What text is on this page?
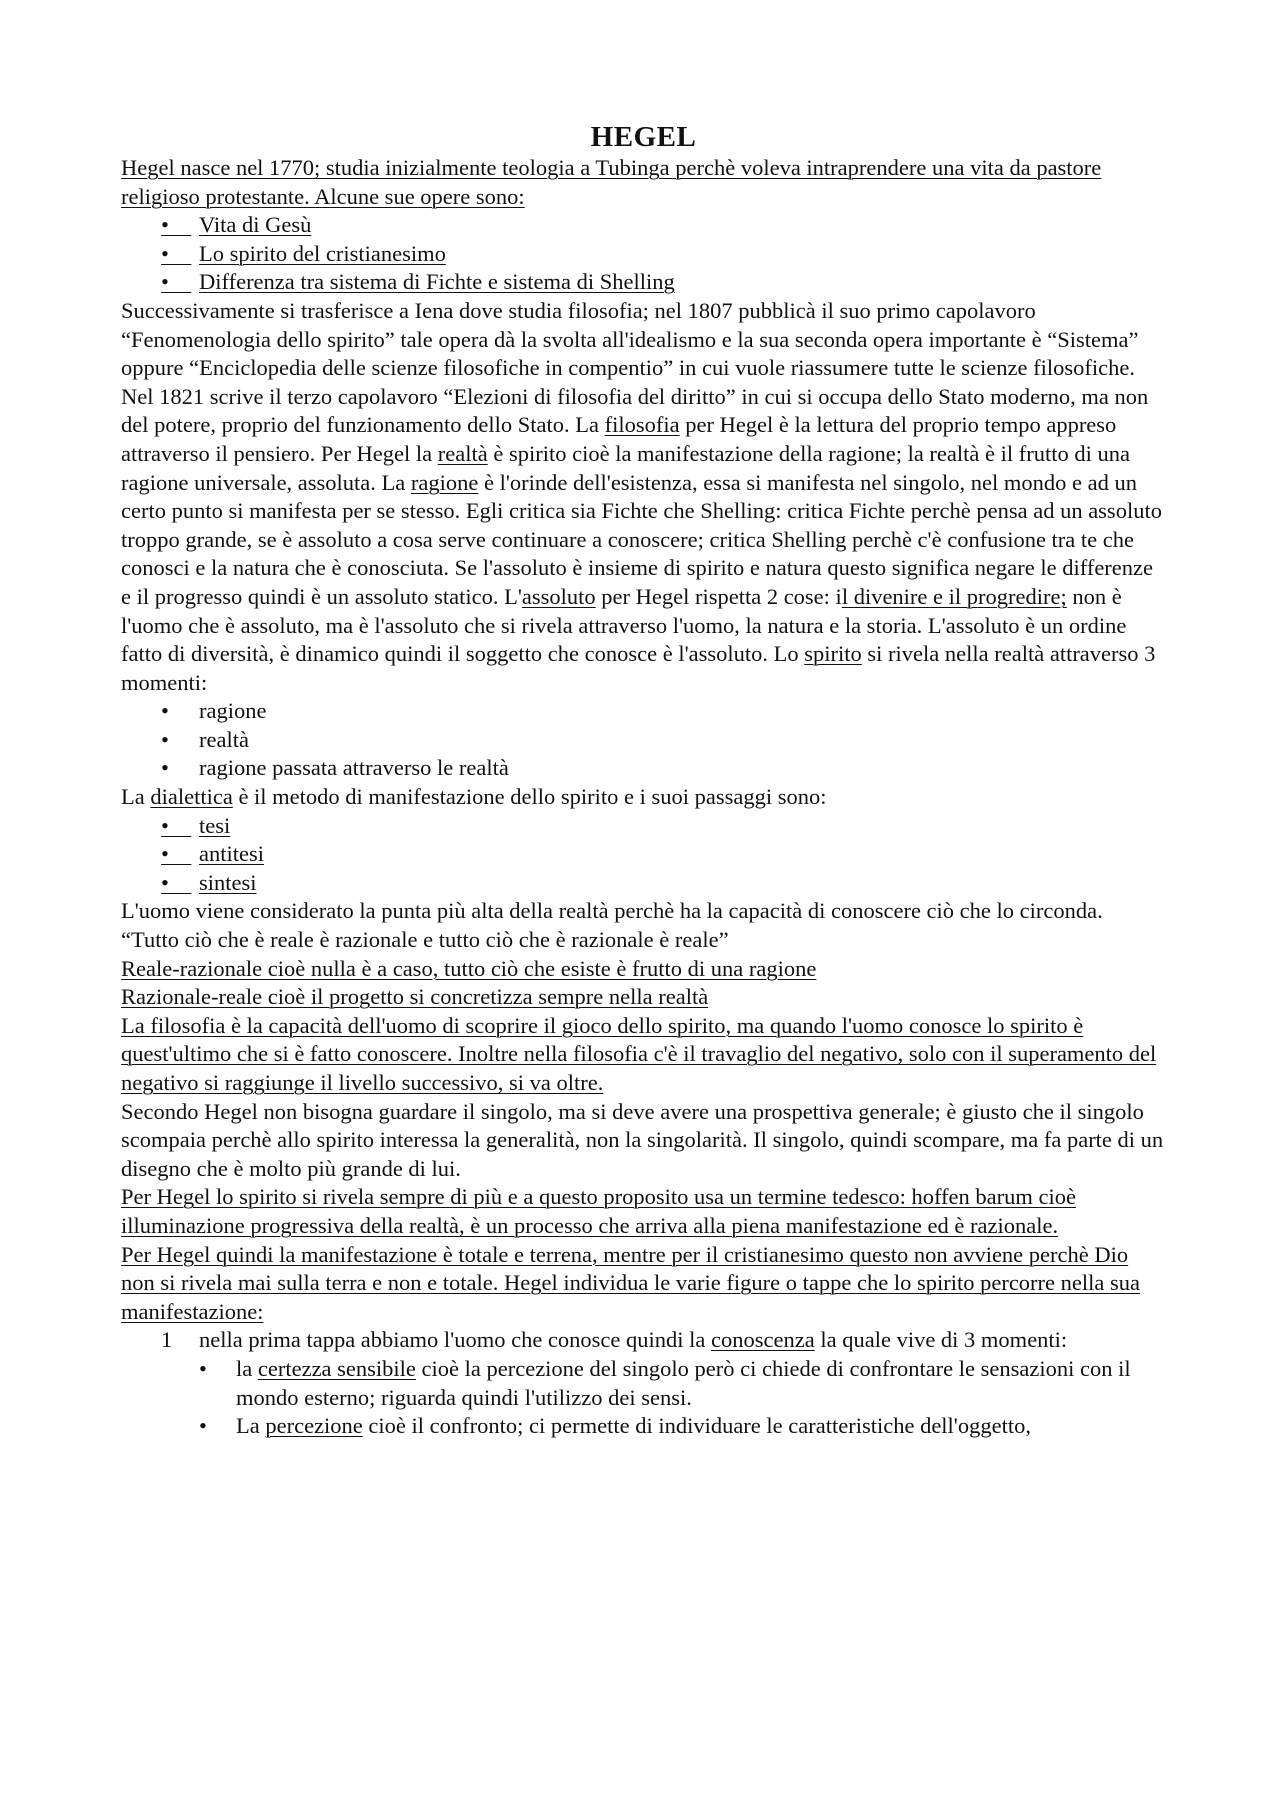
HEGEL

Hegel nasce nel 1770; studia inizialmente teologia a Tubinga perchè voleva intraprendere una vita da pastore religioso protestante. Alcune sue opere sono:

•	Vita di Gesù
•	Lo spirito del cristianesimo
•	Differenza tra sistema di Fichte e sistema di Shelling

Successivamente si trasferisce a Iena dove studia filosofia; nel 1807 pubblicà il suo primo capolavoro “Fenomenologia dello spirito” tale opera dà la svolta all'idealismo e la sua seconda opera importante è “Sistema” oppure “Enciclopedia delle scienze filosofiche in compentio” in cui vuole riassumere tutte le scienze filosofiche. Nel 1821 scrive il terzo capolavoro “Elezioni di filosofia del diritto” in cui si occupa dello Stato moderno, ma non del potere, proprio del funzionamento dello Stato. La filosofia per Hegel è la lettura del proprio tempo appreso attraverso il pensiero. Per Hegel la realtà è spirito cioè la manifestazione della ragione; la realtà è il frutto di una ragione universale, assoluta. La ragione è l'orinde dell'esistenza, essa si manifesta nel singolo, nel mondo e ad un certo punto si manifesta per se stesso. Egli critica sia Fichte che Shelling: critica Fichte perchè pensa ad un assoluto troppo grande, se è assoluto a cosa serve continuare a conoscere; critica Shelling perchè c'è confusione tra te che conosci e la natura che è conosciuta. Se l'assoluto è insieme di spirito e natura questo significa negare le differenze e il progresso quindi è un assoluto statico. L'assoluto per Hegel rispetta 2 cose: il divenire e il progredire; non è l'uomo che è assoluto, ma è l'assoluto che si rivela attraverso l'uomo, la natura e la storia. L'assoluto è un ordine fatto di diversità, è dinamico quindi il soggetto che conosce è l'assoluto. Lo spirito si rivela nella realtà attraverso 3 momenti:

• ragione
• realtà
• ragione passata attraverso le realtà

La dialettica è il metodo di manifestazione dello spirito e i suoi passaggi sono:

•	tesi
•	antitesi
•	sintesi

L'uomo viene considerato la punta più alta della realtà perchè ha la capacità di conoscere ciò che lo circonda.

“Tutto ciò che è reale è razionale e tutto ciò che è razionale è reale”

Reale-razionale cioè nulla è a caso, tutto ciò che esiste è frutto di una ragione

Razionale-reale cioè il progetto si concretizza sempre nella realtà

La filosofia è la capacità dell'uomo di scoprire il gioco dello spirito, ma quando l'uomo conosce lo spirito è quest'ultimo che si è fatto conoscere. Inoltre nella filosofia c'è il travaglio del negativo, solo con il superamento del negativo si raggiunge il livello successivo, si va oltre.

Secondo Hegel non bisogna guardare il singolo, ma si deve avere una prospettiva generale; è giusto che il singolo scompaia perchè allo spirito interessa la generalità, non la singolarità. Il singolo, quindi scompare, ma fa parte di un disegno che è molto più grande di lui.

Per Hegel lo spirito si rivela sempre di più e a questo proposito usa un termine tedesco: hoffen barum cioè illuminazione progressiva della realtà, è un processo che arriva alla piena manifestazione ed è razionale.

Per Hegel quindi la manifestazione è totale e terrena, mentre per il cristianesimo questo non avviene perchè Dio non si rivela mai sulla terra e non e totale. Hegel individua le varie figure o tappe che lo spirito percorre nella sua manifestazione:

1 nella prima tappa abbiamo l'uomo che conosce quindi la conoscenza la quale vive di 3 momenti:
• la certezza sensibile cioè la percezione del singolo però ci chiede di confrontare le sensazioni con il mondo esterno; riguarda quindi l'utilizzo dei sensi.
• La percezione cioè il confronto; ci permette di individuare le caratteristiche dell'oggetto,
